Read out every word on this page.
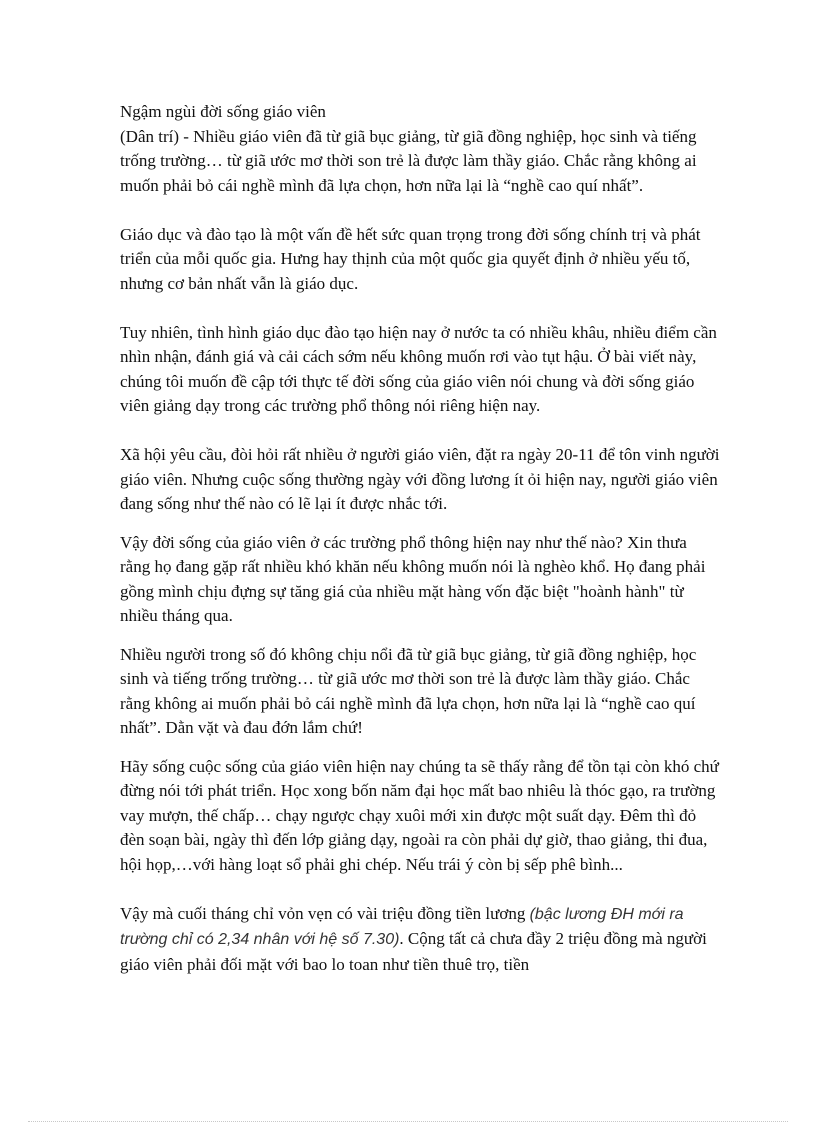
Ngậm ngùi đời sống giáo viên

(Dân trí) - Nhiều giáo viên đã từ giã bục giảng, từ giã đồng nghiệp, học sinh và tiếng trống trường… từ giã ước mơ thời son trẻ là được làm thầy giáo. Chắc rằng không ai muốn phải bỏ cái nghề mình đã lựa chọn, hơn nữa lại là “nghề cao quí nhất”.

Giáo dục và đào tạo là một vấn đề hết sức quan trọng trong đời sống chính trị và phát triển của mỗi quốc gia. Hưng hay thịnh của một quốc gia quyết định ở nhiều yếu tố, nhưng cơ bản nhất vẫn là giáo dục.

Tuy nhiên, tình hình giáo dục đào tạo hiện nay ở nước ta có nhiều khâu, nhiều điểm cần nhìn nhận, đánh giá và cải cách sớm nếu không muốn rơi vào tụt hậu. Ở bài viết này, chúng tôi muốn đề cập tới thực tế đời sống của giáo viên nói chung và đời sống giáo viên giảng dạy trong các trường phổ thông nói riêng hiện nay.

Xã hội yêu cầu, đòi hỏi rất nhiều ở người giáo viên, đặt ra ngày 20-11 để tôn vinh người giáo viên. Nhưng cuộc sống thường ngày với đồng lương ít ỏi hiện nay, người giáo viên đang sống như thế nào có lẽ lại ít được nhắc tới.

Vậy đời sống của giáo viên ở các trường phổ thông hiện nay như thế nào? Xin thưa rằng họ đang gặp rất nhiều khó khăn nếu không muốn nói là nghèo khổ. Họ đang phải gồng mình chịu đựng sự tăng giá của nhiều mặt hàng vốn đặc biệt "hoành hành" từ nhiều tháng qua.

Nhiều người trong số đó không chịu nổi đã từ giã bục giảng, từ giã đồng nghiệp, học sinh và tiếng trống trường… từ giã ước mơ thời son trẻ là được làm thầy giáo. Chắc rằng không ai muốn phải bỏ cái nghề mình đã lựa chọn, hơn nữa lại là “nghề cao quí nhất”. Dằn vặt và đau đớn lắm chứ!

Hãy sống cuộc sống của giáo viên hiện nay chúng ta sẽ thấy rằng để tồn tại còn khó chứ đừng nói tới phát triển. Học xong bốn năm đại học mất bao nhiêu là thóc gạo, ra trường vay mượn, thế chấp… chạy ngược chạy xuôi mới xin được một suất dạy. Đêm thì đỏ đèn soạn bài, ngày thì đến lớp giảng dạy, ngoài ra còn phải dự giờ, thao giảng, thi đua, hội họp,…với hàng loạt sổ phải ghi chép. Nếu trái ý còn bị sếp phê bình...

Vậy mà cuối tháng chỉ vỏn vẹn có vài triệu đồng tiền lương (bậc lương ĐH mới ra trường chỉ có 2,34 nhân với hệ số 7.30). Cộng tất cả chưa đầy 2 triệu đồng mà người giáo viên phải đối mặt với bao lo toan như tiền thuê trọ, tiền
